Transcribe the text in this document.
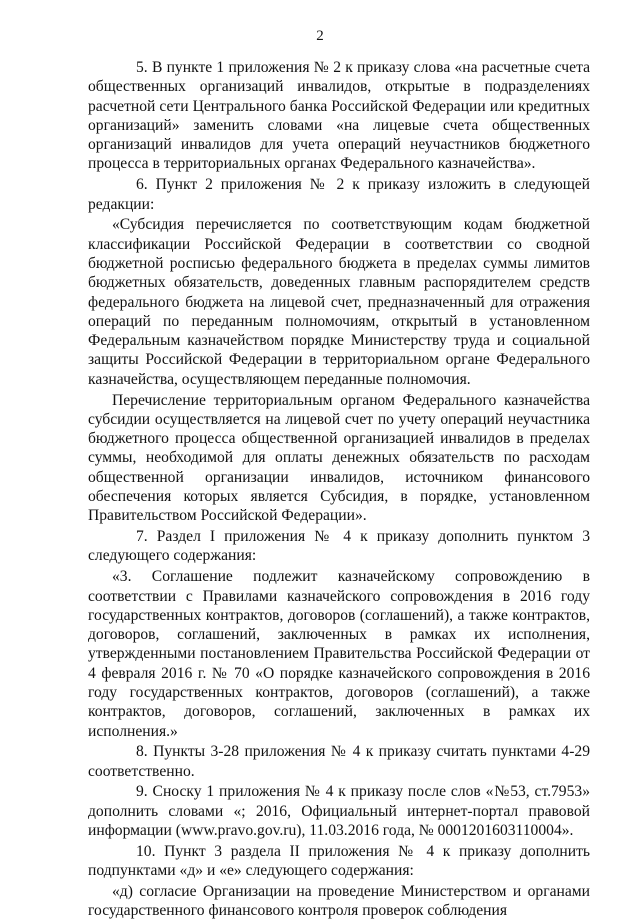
2

5. В пункте 1 приложения № 2 к приказу слова «на расчетные счета общественных организаций инвалидов, открытые в подразделениях расчетной сети Центрального банка Российской Федерации или кредитных организаций» заменить словами «на лицевые счета общественных организаций инвалидов для учета операций неучастников бюджетного процесса в территориальных органах Федерального казначейства».

6. Пункт 2 приложения № 2 к приказу изложить в следующей редакции:

«Субсидия перечисляется по соответствующим кодам бюджетной классификации Российской Федерации в соответствии со сводной бюджетной росписью федерального бюджета в пределах суммы лимитов бюджетных обязательств, доведенных главным распорядителем средств федерального бюджета на лицевой счет, предназначенный для отражения операций по переданным полномочиям, открытый в установленном Федеральным казначейством порядке Министерству труда и социальной защиты Российской Федерации в территориальном органе Федерального казначейства, осуществляющем переданные полномочия.

Перечисление территориальным органом Федерального казначейства субсидии осуществляется на лицевой счет по учету операций неучастника бюджетного процесса общественной организацией инвалидов в пределах суммы, необходимой для оплаты денежных обязательств по расходам общественной организации инвалидов, источником финансового обеспечения которых является Субсидия, в порядке, установленном Правительством Российской Федерации».

7. Раздел I приложения № 4 к приказу дополнить пунктом 3 следующего содержания:

«3. Соглашение подлежит казначейскому сопровождению в соответствии с Правилами казначейского сопровождения в 2016 году государственных контрактов, договоров (соглашений), а также контрактов, договоров, соглашений, заключенных в рамках их исполнения, утвержденными постановлением Правительства Российской Федерации от 4 февраля 2016 г. № 70 «О порядке казначейского сопровождения в 2016 году государственных контрактов, договоров (соглашений), а также контрактов, договоров, соглашений, заключенных в рамках их исполнения.»

8. Пункты 3-28 приложения № 4 к приказу считать пунктами 4-29 соответственно.

9. Сноску 1 приложения № 4 к приказу после слов «№53, ст.7953» дополнить словами «; 2016, Официальный интернет-портал правовой информации (www.pravo.gov.ru), 11.03.2016 года, № 0001201603110004».

10. Пункт 3 раздела II приложения № 4 к приказу дополнить подпунктами «д» и «е» следующего содержания:

«д) согласие Организации на проведение Министерством и органами государственного финансового контроля проверок соблюдения
